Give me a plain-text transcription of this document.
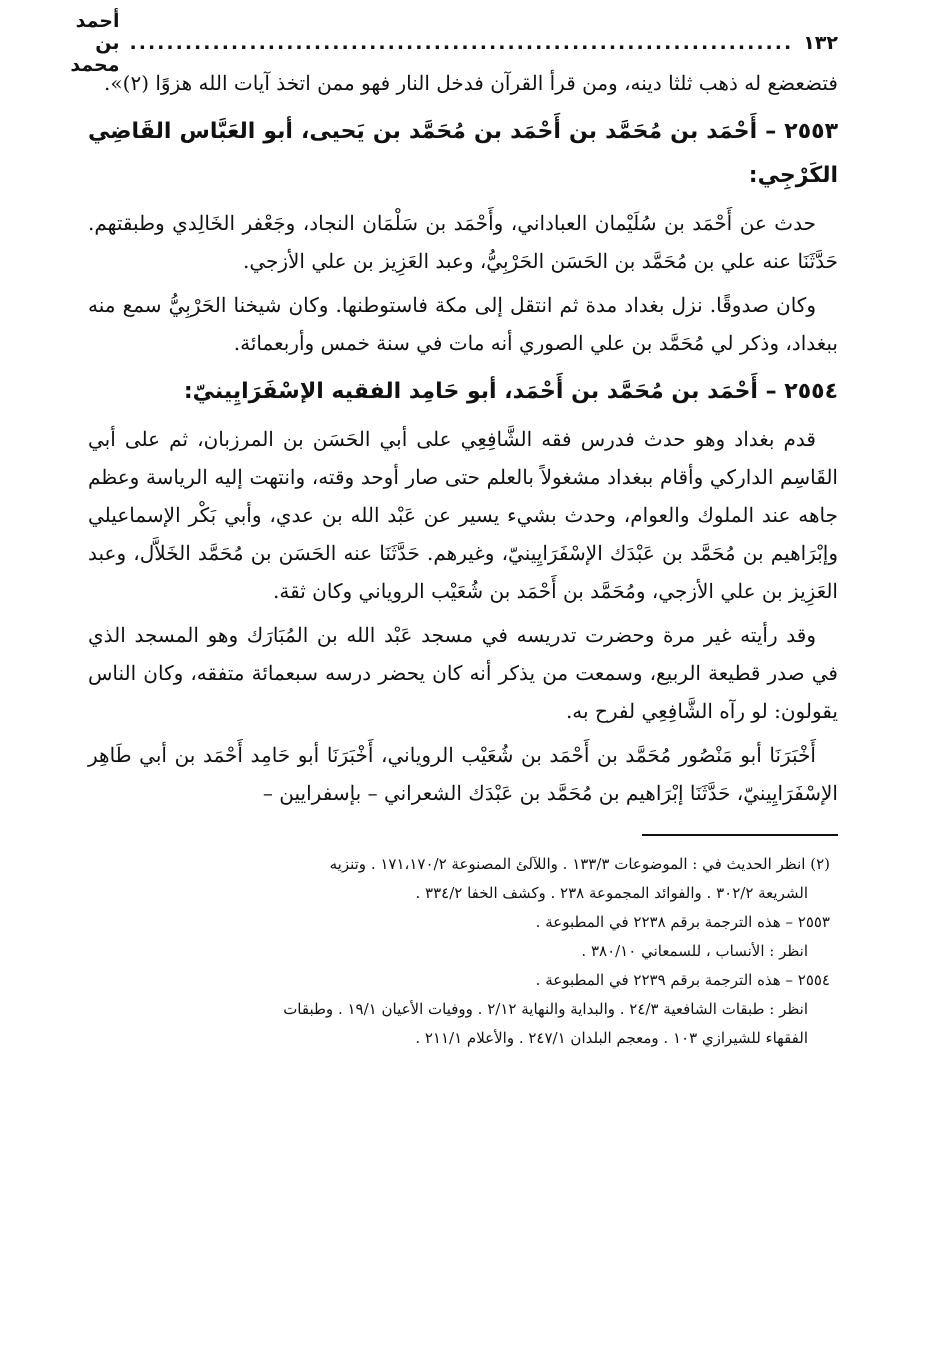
١٣٢
........................................................................
أحمد بن محمد

فتضعضع له ذهب ثلثا دينه، ومن قرأ القرآن فدخل النار فهو ممن اتخذ آيات الله هزوًا (٢)».

٢٥٥٣ – أَحْمَد بن مُحَمَّد بن أَحْمَد بن مُحَمَّد بن يَحيى، أبو العَبَّاس القَاضِي الكَرْجِي:

حدث عن أَحْمَد بن سُلَيْمان العباداني، وأَحْمَد بن سَلْمَان النجاد، وجَعْفر الخَالِدي وطبقتهم. حَدَّثَنَا عنه علي بن مُحَمَّد بن الحَسَن الحَرْبِيُّ، وعبد العَزِيز بن علي الأزجي.

وكان صدوقًا. نزل بغداد مدة ثم انتقل إلى مكة فاستوطنها. وكان شيخنا الحَرْبِيُّ سمع منه ببغداد، وذكر لي مُحَمَّد بن علي الصوري أنه مات في سنة خمس وأربعمائة.

٢٥٥٤ – أَحْمَد بن مُحَمَّد بن أَحْمَد، أبو حَامِد الفقيه الإسْفَرَايِينيّ:

قدم بغداد وهو حدث فدرس فقه الشَّافِعِي على أبي الحَسَن بن المرزبان، ثم على أبي القَاسِم الداركي وأقام ببغداد مشغولاً بالعلم حتى صار أوحد وقته، وانتهت إليه الرياسة وعظم جاهه عند الملوك والعوام، وحدث بشيء يسير عن عَبْد الله بن عدي، وأبي بَكْر الإسماعيلي وإبْرَاهيم بن مُحَمَّد بن عَبْدَك الإسْفَرَايِينيّ، وغيرهم. حَدَّثَنَا عنه الحَسَن بن مُحَمَّد الخَلاَّل، وعبد العَزِيز بن علي الأزجي، ومُحَمَّد بن أَحْمَد بن شُعَيْب الروياني وكان ثقة.

وقد رأيته غير مرة وحضرت تدريسه في مسجد عَبْد الله بن المُبَارَك وهو المسجد الذي في صدر قطيعة الربيع، وسمعت من يذكر أنه كان يحضر درسه سبعمائة متفقه، وكان الناس يقولون: لو رآه الشَّافِعِي لفرح به.

أَخْبَرَنَا أبو مَنْصُور مُحَمَّد بن أَحْمَد بن شُعَيْب الروياني، أَخْبَرَنَا أبو حَامِد أَحْمَد بن أبي طَاهِر الإسْفَرَايِينيّ، حَدَّثَنَا إبْرَاهيم بن مُحَمَّد بن عَبْدَك الشعراني – بإسفرايين –

(٢) انظر الحديث في : الموضوعات ١٣٣/٣ . واللآلئ المصنوعة ١٧١،١٧٠/٢ . وتنزيه

الشريعة ٣٠٢/٢ . والفوائد المجموعة ٢٣٨ . وكشف الخفا ٣٣٤/٢ .

٢٥٥٣ – هذه الترجمة برقم ٢٢٣٨ في المطبوعة .

انظر : الأنساب ، للسمعاني ٣٨٠/١٠ .

٢٥٥٤ – هذه الترجمة برقم ٢٢٣٩ في المطبوعة .

انظر : طبقات الشافعية ٢٤/٣ . والبداية والنهاية ٢/١٢ . ووفيات الأعيان ١٩/١ . وطبقات

الفقهاء للشيرازي ١٠٣ . ومعجم البلدان ٢٤٧/١ . والأعلام ٢١١/١ .
